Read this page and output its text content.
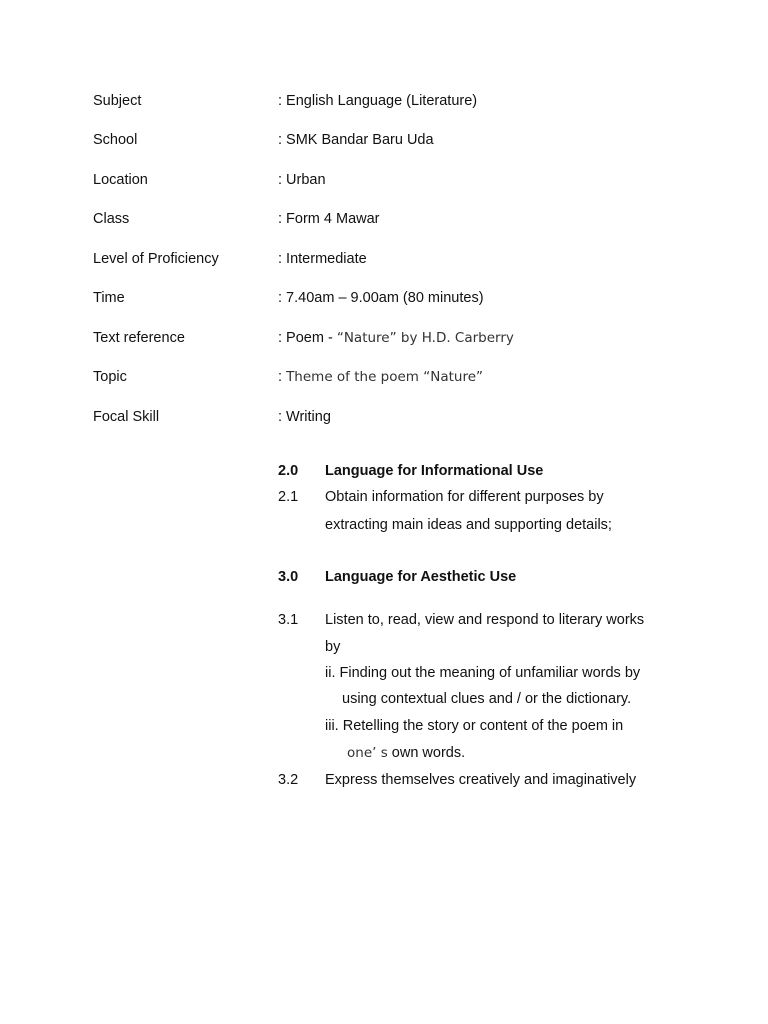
Subject	: English Language (Literature)
School	: SMK Bandar Baru Uda
Location	: Urban
Class	: Form 4 Mawar
Level of Proficiency	: Intermediate
Time	: 7.40am – 9.00am (80 minutes)
Text reference	: Poem - “Nature” by H.D. Carberry
Topic	: Theme of the poem “Nature”
Focal Skill	: Writing
2.0 Language for Informational Use
2.1 Obtain information for different purposes by
extracting main ideas and supporting details;
3.0 Language for Aesthetic Use
3.1 Listen to, read, view and respond to literary works
by
ii. Finding out the meaning of unfamiliar words by
using contextual clues and / or the dictionary.
iii. Retelling the story or content of the poem in
one’ s own words.
3.2 Express themselves creatively and imaginatively
